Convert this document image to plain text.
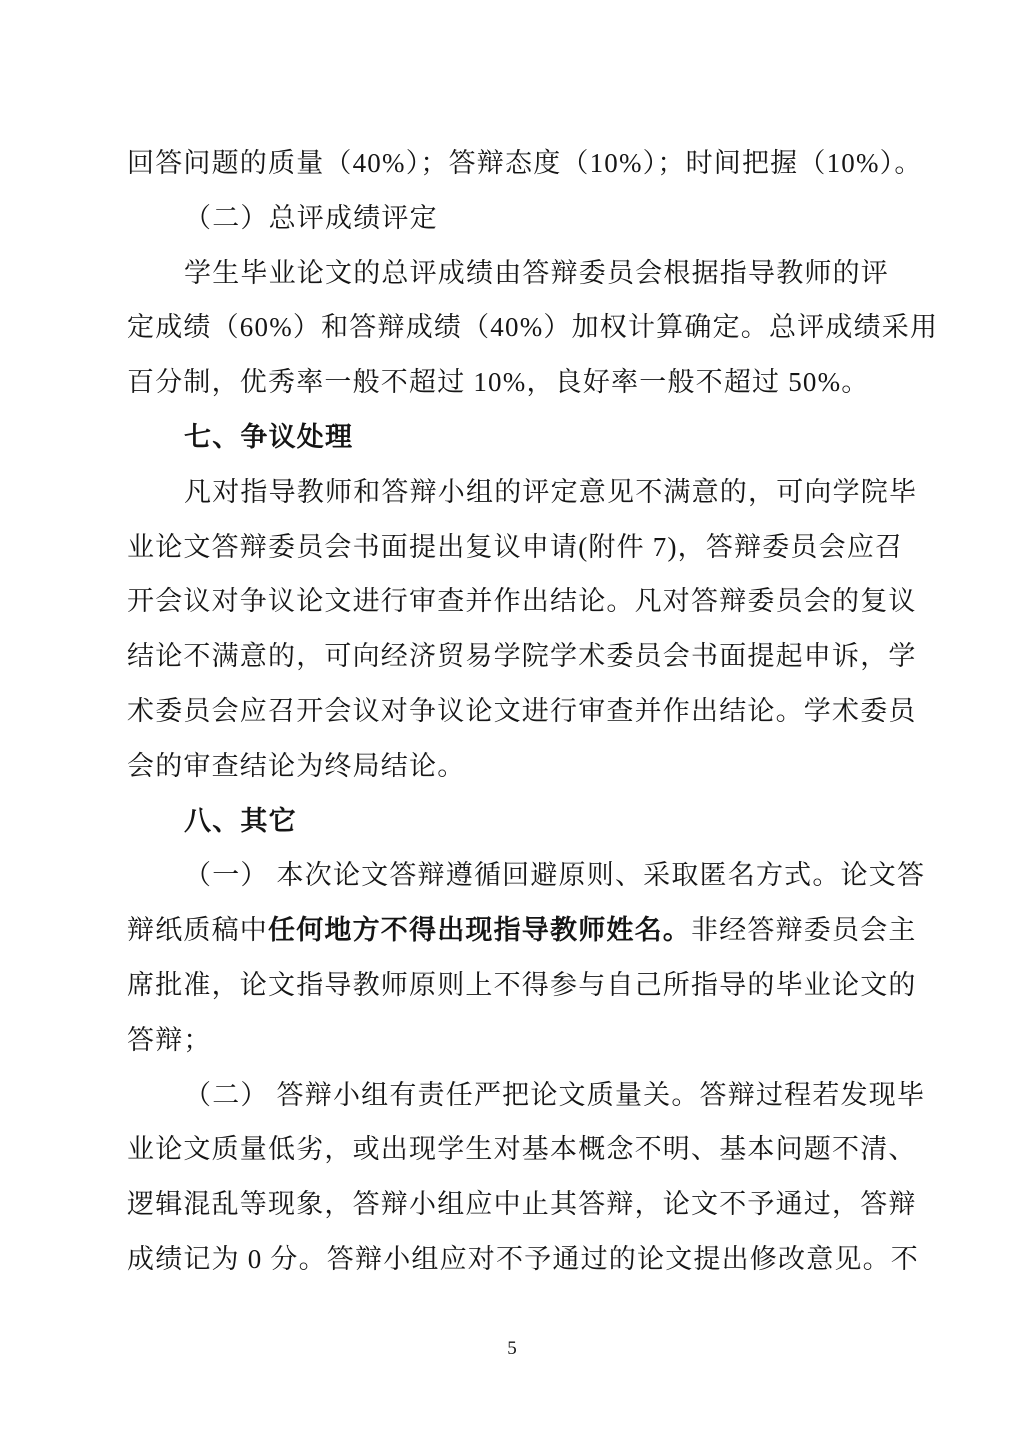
回答问题的质量（40%）；答辩态度（10%）；时间把握（10%）。
（二）总评成绩评定
学生毕业论文的总评成绩由答辩委员会根据指导教师的评
定成绩（60%）和答辩成绩（40%）加权计算确定。总评成绩采用
百分制，优秀率一般不超过 10%，良好率一般不超过 50%。
七、争议处理
凡对指导教师和答辩小组的评定意见不满意的，可向学院毕
业论文答辩委员会书面提出复议申请(附件 7)，答辩委员会应召
开会议对争议论文进行审查并作出结论。凡对答辩委员会的复议
结论不满意的，可向经济贸易学院学术委员会书面提起申诉，学
术委员会应召开会议对争议论文进行审查并作出结论。学术委员
会的审查结论为终局结论。
八、其它
（一） 本次论文答辩遵循回避原则、采取匿名方式。论文答
辩纸质稿中任何地方不得出现指导教师姓名。非经答辩委员会主
席批准，论文指导教师原则上不得参与自己所指导的毕业论文的
答辩；
（二） 答辩小组有责任严把论文质量关。答辩过程若发现毕
业论文质量低劣，或出现学生对基本概念不明、基本问题不清、
逻辑混乱等现象，答辩小组应中止其答辩，论文不予通过，答辩
成绩记为 0 分。答辩小组应对不予通过的论文提出修改意见。不
5
